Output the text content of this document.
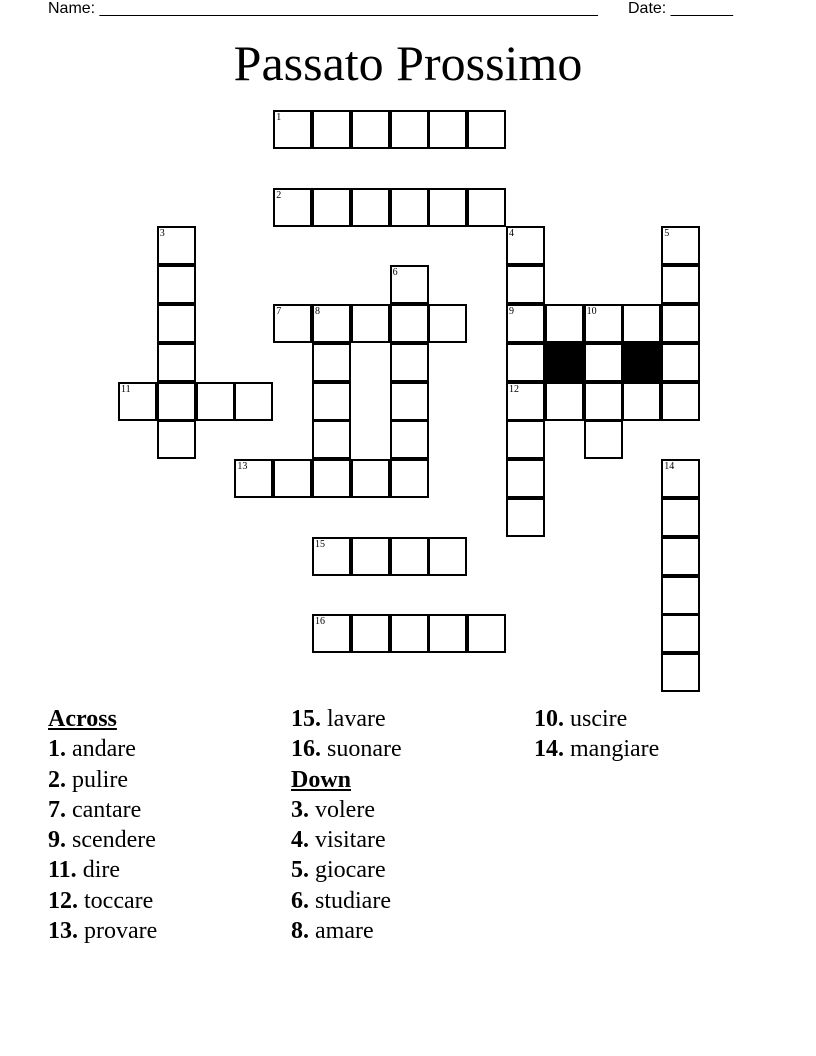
Name: ________________________________________________________ Date: _______
Passato Prossimo
1
2
3	4	5
6
7	8	9	10
11	12
13	14
15
16
Across
1. andare
2. pulire
7. cantare
9. scendere
11. dire
12. toccare
13. provare
15. lavare
16. suonare
Down
3. volere
4. visitare
5. giocare
6. studiare
8. amare
10. uscire
14. mangiare
